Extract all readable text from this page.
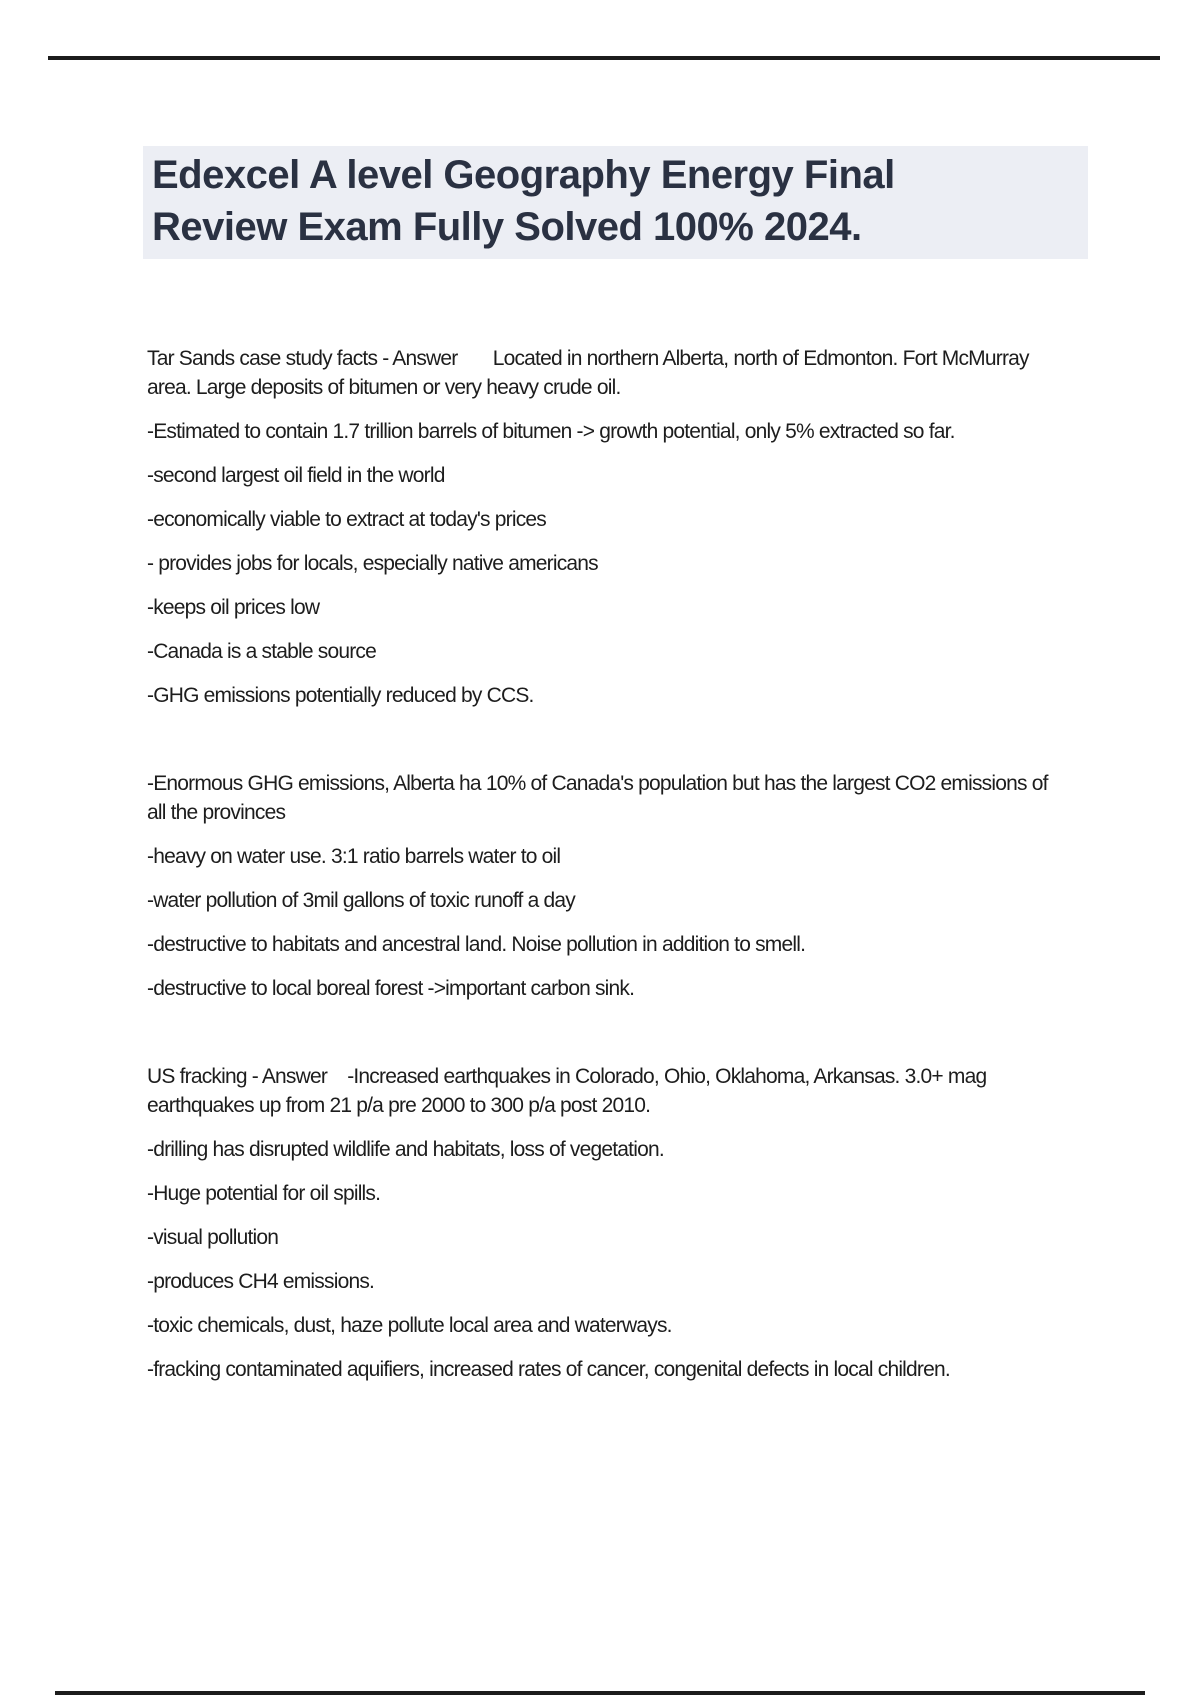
Edexcel A level Geography Energy Final
Review Exam Fully Solved 100% 2024.
Tar Sands case study facts - Answer       Located in northern Alberta, north of Edmonton. Fort McMurray
area. Large deposits of bitumen or very heavy crude oil.
-Estimated to contain 1.7 trillion barrels of bitumen -> growth potential, only 5% extracted so far.
-second largest oil field in the world
-economically viable to extract at today's prices
- provides jobs for locals, especially native americans
-keeps oil prices low
-Canada is a stable source
-GHG emissions potentially reduced by CCS.
-Enormous GHG emissions, Alberta ha 10% of Canada's population but has the largest CO2 emissions of
all the provinces
-heavy on water use. 3:1 ratio barrels water to oil
-water pollution of 3mil gallons of toxic runoff a day
-destructive to habitats and ancestral land. Noise pollution in addition to smell.
-destructive to local boreal forest ->important carbon sink.
US fracking - Answer    -Increased earthquakes in Colorado, Ohio, Oklahoma, Arkansas. 3.0+ mag
earthquakes up from 21 p/a pre 2000 to 300 p/a post 2010.
-drilling has disrupted wildlife and habitats, loss of vegetation.
-Huge potential for oil spills.
-visual pollution
-produces CH4 emissions.
-toxic chemicals, dust, haze pollute local area and waterways.
-fracking contaminated aquifiers, increased rates of cancer, congenital defects in local children.
